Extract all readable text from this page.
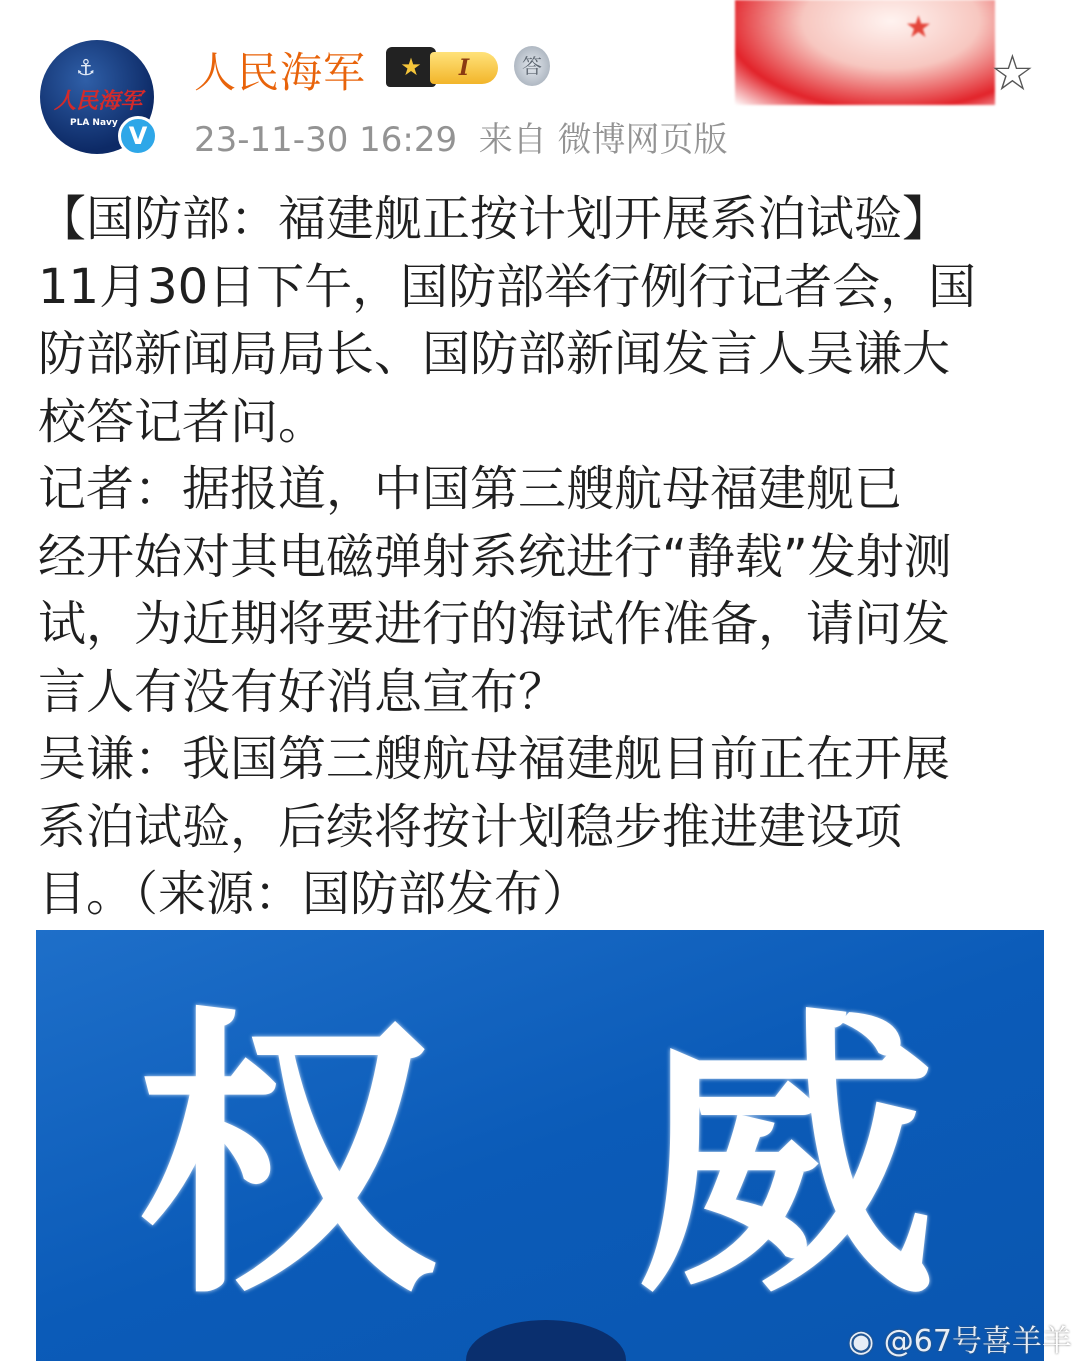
⚓
人民海军
PLA Navy V
人民海军	★	I	答
23-11-30 16:29 来自 微博网页版
★
☆
【国防部：福建舰正按计划开展系泊试验】
11月30日下午，国防部举行例行记者会，国
防部新闻局局长、国防部新闻发言人吴谦大
校答记者问。
记者：据报道，中国第三艘航母福建舰已
经开始对其电磁弹射系统进行“静载”发射测
试，为近期将要进行的海试作准备，请问发
言人有没有好消息宣布？
吴谦：我国第三艘航母福建舰目前正在开展
系泊试验，后续将按计划稳步推进建设项
目。（来源：国防部发布）
权 威
◉ @67号喜羊羊
